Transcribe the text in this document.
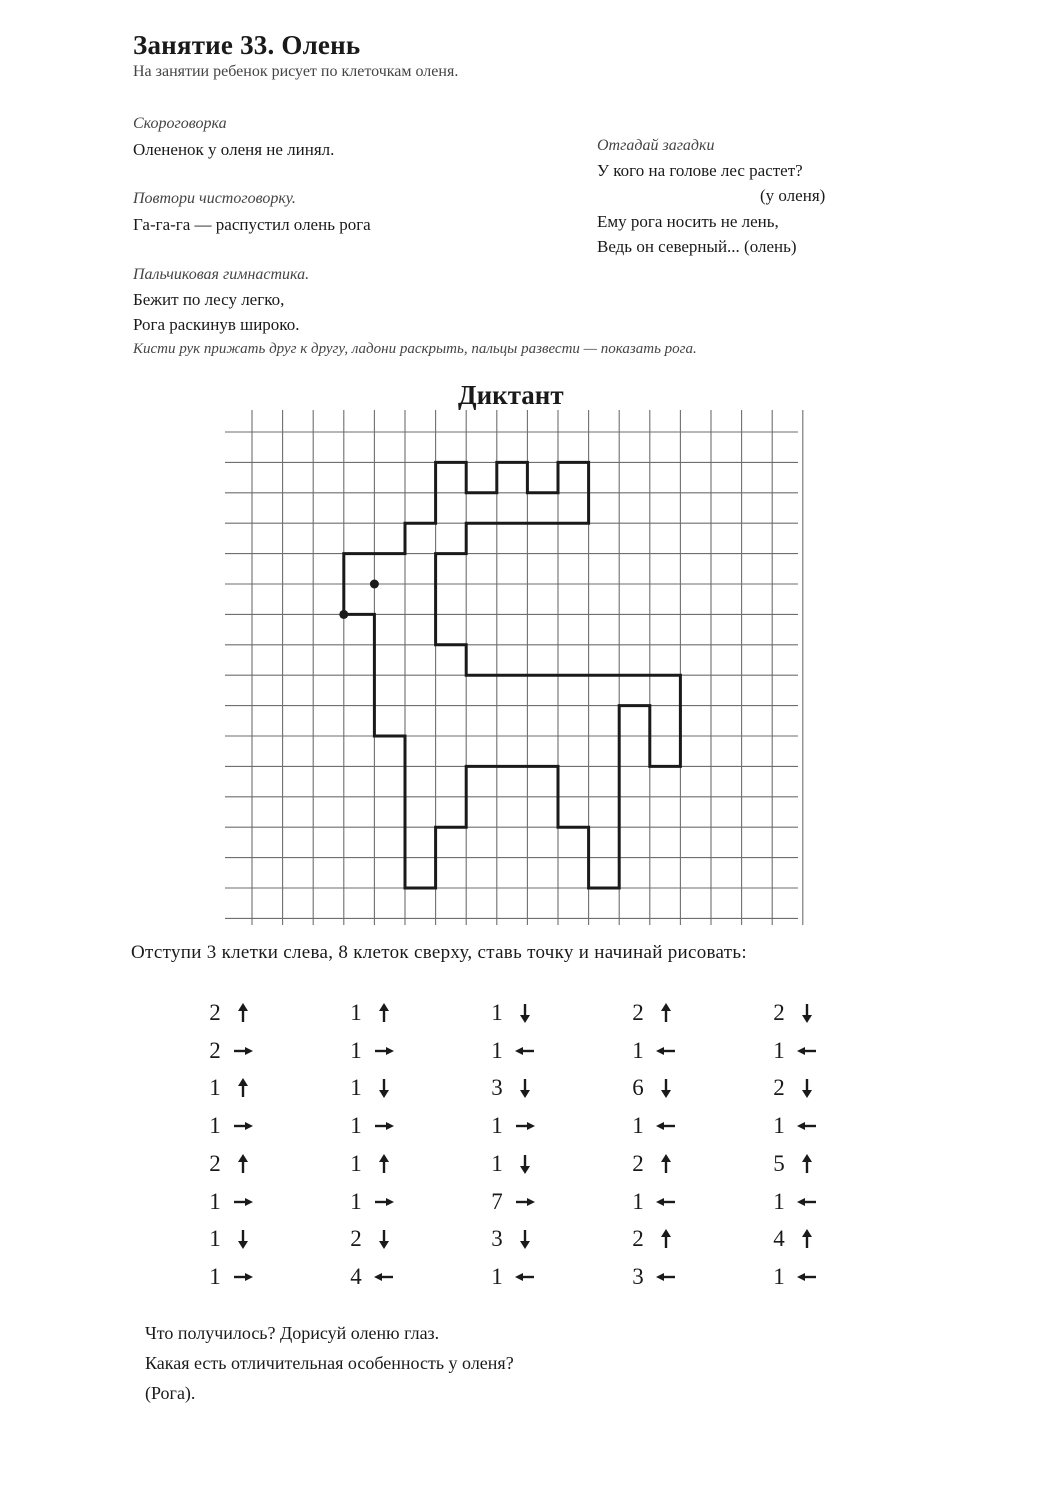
Занятие 33. Олень
На занятии ребенок рисует по клеточкам оленя.
Скороговорка
Олененок у оленя не линял.
Повтори чистоговорку.
Га-га-га — распустил олень рога
Пальчиковая гимнастика.
Бежит по лесу легко,
Рога раскинув широко.
Кисти рук прижать друг к другу, ладони раскрыть, пальцы развести — показать рога.
Отгадай загадки
У кого на голове лес растет?
(у оленя)
Ему рога носить не лень,
Ведь он северный... (олень)
Диктант
Отступи 3 клетки слева, 8 клеток сверху, ставь точку и начинай рисовать:
2
2
1
1
2
1
1
1
1
1
1
1
1
1
2
4
1
1
3
1
1
7
3
1
2
1
6
1
2
1
2
3
2
1
2
1
5
1
4
1
Что получилось? Дорисуй оленю глаз.
Какая есть отличительная особенность у оленя?
(Рога).
